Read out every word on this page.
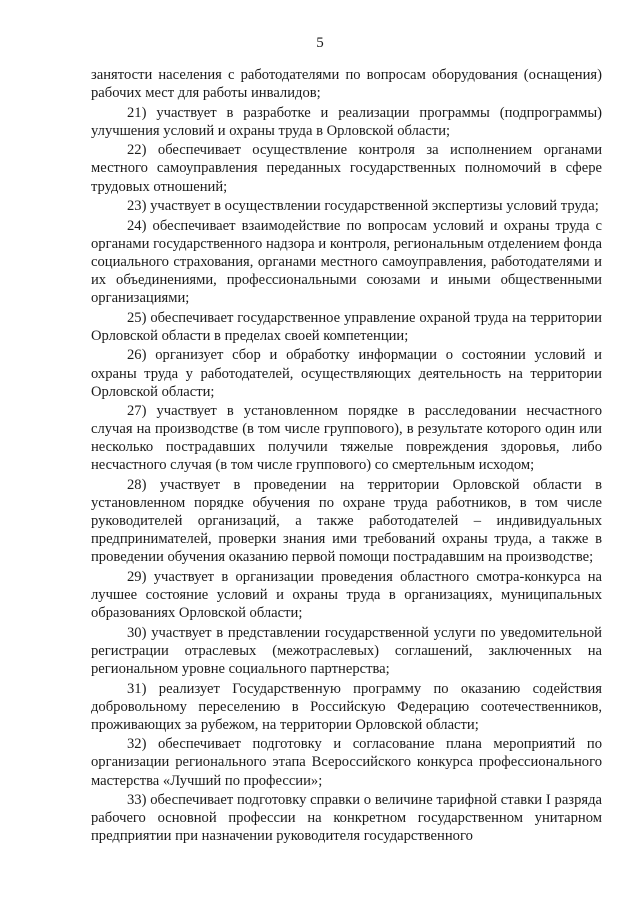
5

занятости населения с работодателями по вопросам оборудования (оснащения) рабочих мест для работы инвалидов;

21) участвует в разработке и реализации программы (подпрограммы) улучшения условий и охраны труда в Орловской области;

22) обеспечивает осуществление контроля за исполнением органами местного самоуправления переданных государственных полномочий в сфере трудовых отношений;

23) участвует в осуществлении государственной экспертизы условий труда;

24) обеспечивает взаимодействие по вопросам условий и охраны труда с органами государственного надзора и контроля, региональным отделением фонда социального страхования, органами местного самоуправления, работодателями и их объединениями, профессиональными союзами и иными общественными организациями;

25) обеспечивает государственное управление охраной труда на территории Орловской области в пределах своей компетенции;

26) организует сбор и обработку информации о состоянии условий и охраны труда у работодателей, осуществляющих деятельность на территории Орловской области;

27) участвует в установленном порядке в расследовании несчастного случая на производстве (в том числе группового), в результате которого один или несколько пострадавших получили тяжелые повреждения здоровья, либо несчастного случая (в том числе группового) со смертельным исходом;

28) участвует в проведении на территории Орловской области в установленном порядке обучения по охране труда работников, в том числе руководителей организаций, а также работодателей – индивидуальных предпринимателей, проверки знания ими требований охраны труда, а также в проведении обучения оказанию первой помощи пострадавшим на производстве;

29) участвует в организации проведения областного смотра-конкурса на лучшее состояние условий и охраны труда в организациях, муниципальных образованиях Орловской области;

30) участвует в представлении государственной услуги по уведомительной регистрации отраслевых (межотраслевых) соглашений, заключенных на региональном уровне социального партнерства;

31) реализует Государственную программу по оказанию содействия добровольному переселению в Российскую Федерацию соотечественников, проживающих за рубежом, на территории Орловской области;

32) обеспечивает подготовку и согласование плана мероприятий по организации регионального этапа Всероссийского конкурса профессионального мастерства «Лучший по профессии»;

33) обеспечивает подготовку справки о величине тарифной ставки I разряда рабочего основной профессии на конкретном государственном унитарном предприятии при назначении руководителя государственного
